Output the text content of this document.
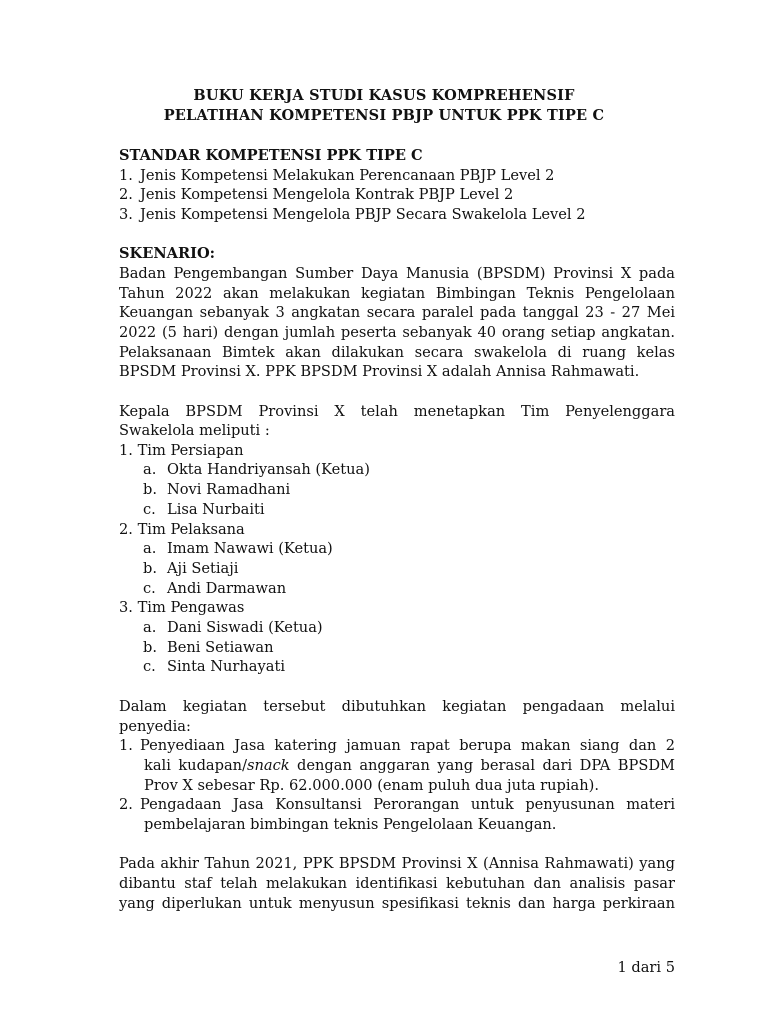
BUKU KERJA STUDI KASUS KOMPREHENSIF
PELATIHAN KOMPETENSI PBJP UNTUK PPK TIPE C
STANDAR KOMPETENSI PPK TIPE C
1. Jenis Kompetensi Melakukan Perencanaan PBJP Level 2
2. Jenis Kompetensi Mengelola Kontrak PBJP Level 2
3. Jenis Kompetensi Mengelola PBJP Secara Swakelola Level 2
SKENARIO:
Badan Pengembangan Sumber Daya Manusia (BPSDM) Provinsi X pada
Tahun 2022 akan melakukan kegiatan Bimbingan Teknis Pengelolaan
Keuangan sebanyak 3 angkatan secara paralel pada tanggal 23 - 27 Mei
2022 (5 hari) dengan jumlah peserta sebanyak 40 orang setiap angkatan.
Pelaksanaan Bimtek akan dilakukan secara swakelola di ruang kelas
BPSDM Provinsi X. PPK BPSDM Provinsi X adalah Annisa Rahmawati.
Kepala BPSDM Provinsi X telah menetapkan Tim Penyelenggara
Swakelola meliputi :
1. Tim Persiapan
a. Okta Handriyansah (Ketua)
b. Novi Ramadhani
c. Lisa Nurbaiti
2. Tim Pelaksana
a. Imam Nawawi (Ketua)
b. Aji Setiaji
c. Andi Darmawan
3. Tim Pengawas
a. Dani Siswadi (Ketua)
b. Beni Setiawan
c. Sinta Nurhayati
Dalam kegiatan tersebut dibutuhkan kegiatan pengadaan melalui
penyedia:
1. Penyediaan Jasa katering jamuan rapat berupa makan siang dan 2
kali kudapan/snack dengan anggaran yang berasal dari DPA BPSDM
Prov X sebesar Rp. 62.000.000 (enam puluh dua juta rupiah).
2. Pengadaan Jasa Konsultansi Perorangan untuk penyusunan materi
pembelajaran bimbingan teknis Pengelolaan Keuangan.
Pada akhir Tahun 2021, PPK BPSDM Provinsi X (Annisa Rahmawati) yang
dibantu staf telah melakukan identifikasi kebutuhan dan analisis pasar
yang diperlukan untuk menyusun spesifikasi teknis dan harga perkiraan
1 dari 5
